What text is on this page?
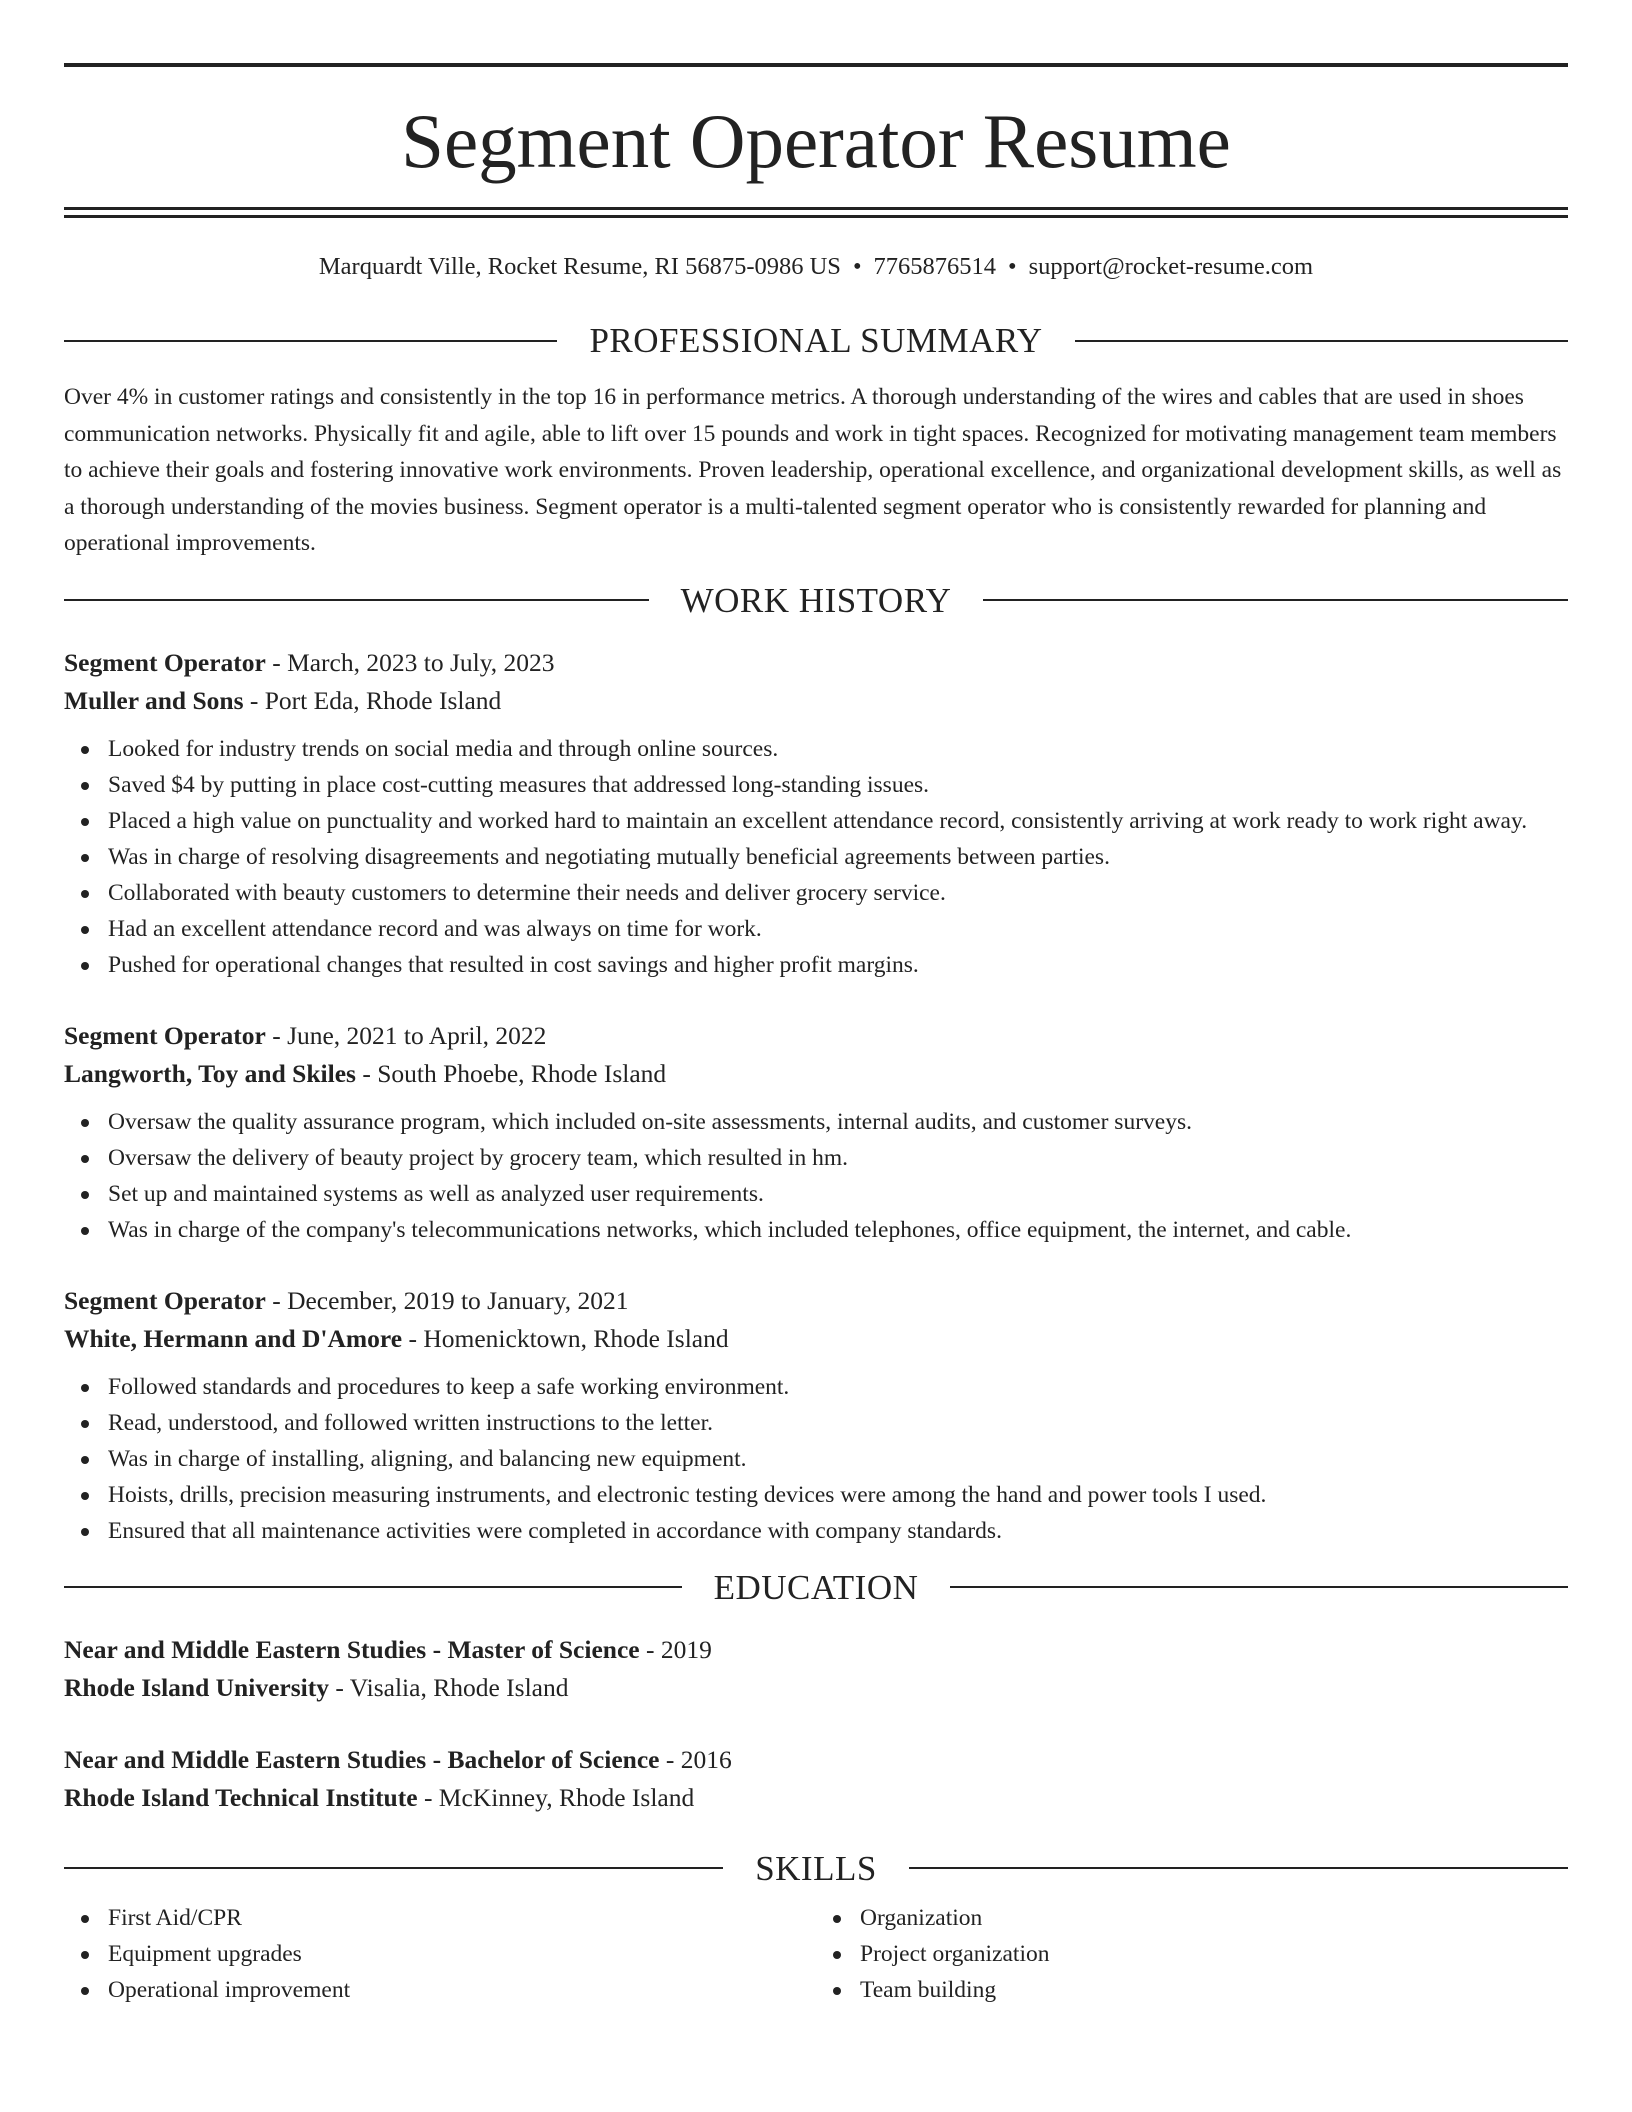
Segment Operator Resume
Marquardt Ville, Rocket Resume, RI 56875-0986 US • 7765876514 • support@rocket-resume.com
PROFESSIONAL SUMMARY

Over 4% in customer ratings and consistently in the top 16 in performance metrics. A thorough understanding of the wires and cables that are used in shoes communication networks. Physically fit and agile, able to lift over 15 pounds and work in tight spaces. Recognized for motivating management team members to achieve their goals and fostering innovative work environments. Proven leadership, operational excellence, and organizational development skills, as well as a thorough understanding of the movies business. Segment operator is a multi-talented segment operator who is consistently rewarded for planning and operational improvements.

WORK HISTORY
Segment Operator - March, 2023 to July, 2023
Muller and Sons - Port Eda, Rhode Island
Looked for industry trends on social media and through online sources.
Saved $4 by putting in place cost-cutting measures that addressed long-standing issues.
Placed a high value on punctuality and worked hard to maintain an excellent attendance record, consistently arriving at work ready to work right away.
Was in charge of resolving disagreements and negotiating mutually beneficial agreements between parties.
Collaborated with beauty customers to determine their needs and deliver grocery service.
Had an excellent attendance record and was always on time for work.
Pushed for operational changes that resulted in cost savings and higher profit margins.
Segment Operator - June, 2021 to April, 2022
Langworth, Toy and Skiles - South Phoebe, Rhode Island
Oversaw the quality assurance program, which included on-site assessments, internal audits, and customer surveys.
Oversaw the delivery of beauty project by grocery team, which resulted in hm.
Set up and maintained systems as well as analyzed user requirements.
Was in charge of the company's telecommunications networks, which included telephones, office equipment, the internet, and cable.
Segment Operator - December, 2019 to January, 2021
White, Hermann and D'Amore - Homenicktown, Rhode Island
Followed standards and procedures to keep a safe working environment.
Read, understood, and followed written instructions to the letter.
Was in charge of installing, aligning, and balancing new equipment.
Hoists, drills, precision measuring instruments, and electronic testing devices were among the hand and power tools I used.
Ensured that all maintenance activities were completed in accordance with company standards.
EDUCATION
Near and Middle Eastern Studies - Master of Science - 2019
Rhode Island University - Visalia, Rhode Island
Near and Middle Eastern Studies - Bachelor of Science - 2016
Rhode Island Technical Institute - McKinney, Rhode Island
SKILLS
First Aid/CPR
Equipment upgrades
Operational improvement
Organization
Project organization
Team building
